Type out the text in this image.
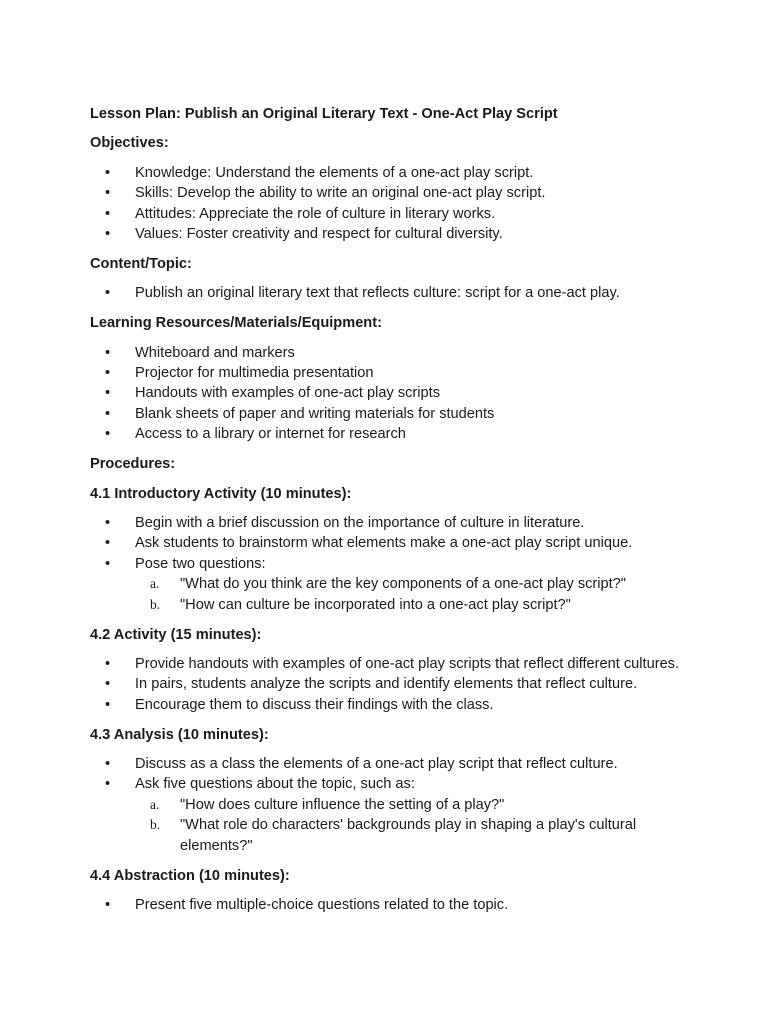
Lesson Plan: Publish an Original Literary Text - One-Act Play Script

Objectives:

• Knowledge: Understand the elements of a one-act play script.
• Skills: Develop the ability to write an original one-act play script.
• Attitudes: Appreciate the role of culture in literary works.
• Values: Foster creativity and respect for cultural diversity.

Content/Topic:

• Publish an original literary text that reflects culture: script for a one-act play.

Learning Resources/Materials/Equipment:

• Whiteboard and markers
• Projector for multimedia presentation
• Handouts with examples of one-act play scripts
• Blank sheets of paper and writing materials for students
• Access to a library or internet for research

Procedures:

4.1 Introductory Activity (10 minutes):

• Begin with a brief discussion on the importance of culture in literature.
• Ask students to brainstorm what elements make a one-act play script unique.
• Pose two questions:
a. "What do you think are the key components of a one-act play script?"
b. "How can culture be incorporated into a one-act play script?"

4.2 Activity (15 minutes):

• Provide handouts with examples of one-act play scripts that reflect different cultures.
• In pairs, students analyze the scripts and identify elements that reflect culture.
• Encourage them to discuss their findings with the class.

4.3 Analysis (10 minutes):

• Discuss as a class the elements of a one-act play script that reflect culture.
• Ask five questions about the topic, such as:
a. "How does culture influence the setting of a play?"
b. "What role do characters' backgrounds play in shaping a play's cultural elements?"

4.4 Abstraction (10 minutes):

• Present five multiple-choice questions related to the topic.
